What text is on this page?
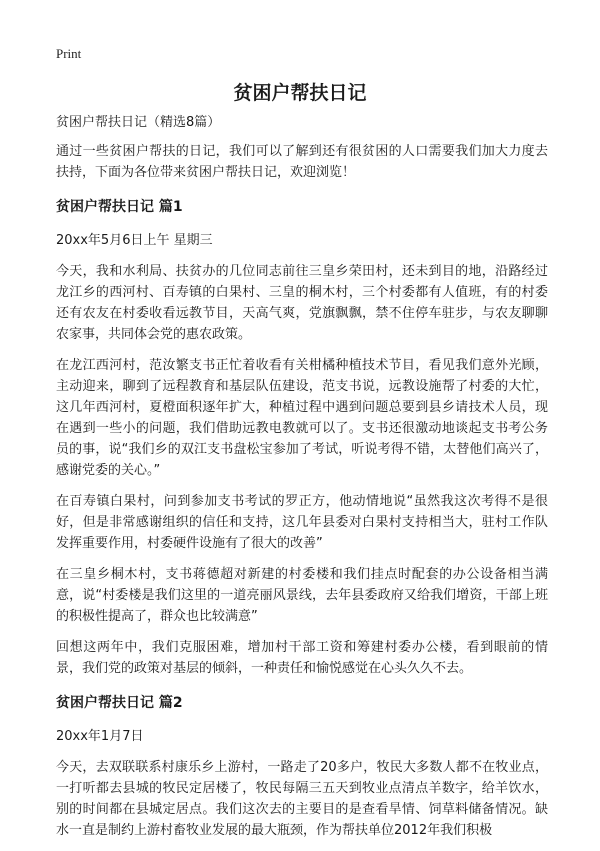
Print
贫困户帮扶日记

贫困户帮扶日记（精选8篇）

通过一些贫困户帮扶的日记，我们可以了解到还有很贫困的人口需要我们加大力度去扶持，下面为各位带来贫困户帮扶日记，欢迎浏览！

贫困户帮扶日记 篇1

20xx年5月6日上午 星期三

今天，我和水利局、扶贫办的几位同志前往三皇乡荣田村，还未到目的地，沿路经过龙江乡的西河村、百寿镇的白果村、三皇的桐木村，三个村委都有人值班，有的村委还有农友在村委收看远教节目，天高气爽，党旗飘飘，禁不住停车驻步，与农友聊聊农家事，共同体会党的惠农政策。

在龙江西河村，范汝繁支书正忙着收看有关柑橘种植技术节目，看见我们意外光顾，主动迎来，聊到了远程教育和基层队伍建设，范支书说，远教设施帮了村委的大忙，这几年西河村，夏橙面积逐年扩大，种植过程中遇到问题总要到县乡请技术人员，现在遇到一些小的问题，我们借助远教电教就可以了。支书还很激动地谈起支书考公务员的事，说“我们乡的双江支书盘松宝参加了考试，听说考得不错，太替他们高兴了，感谢党委的关心。”

在百寿镇白果村，问到参加支书考试的罗正方，他动情地说“虽然我这次考得不是很好，但是非常感谢组织的信任和支持，这几年县委对白果村支持相当大，驻村工作队发挥重要作用，村委硬件设施有了很大的改善”

在三皇乡桐木村，支书蒋德超对新建的村委楼和我们挂点时配套的办公设备相当满意，说“村委楼是我们这里的一道亮丽风景线，去年县委政府又给我们增资，干部上班的积极性提高了，群众也比较满意”

回想这两年中，我们克服困难，增加村干部工资和筹建村委办公楼，看到眼前的情景，我们党的政策对基层的倾斜，一种责任和愉悦感觉在心头久久不去。

贫困户帮扶日记 篇2

20xx年1月7日

今天，去双联联系村康乐乡上游村，一路走了20多户，牧民大多数人都不在牧业点，一打听都去县城的牧民定居楼了，牧民每隔三五天到牧业点清点羊数字，给羊饮水，别的时间都在县城定居点。我们这次去的主要目的是查看旱情、饲草料储备情况。缺水一直是制约上游村畜牧业发展的最大瓶颈，作为帮扶单位2012年我们积极
